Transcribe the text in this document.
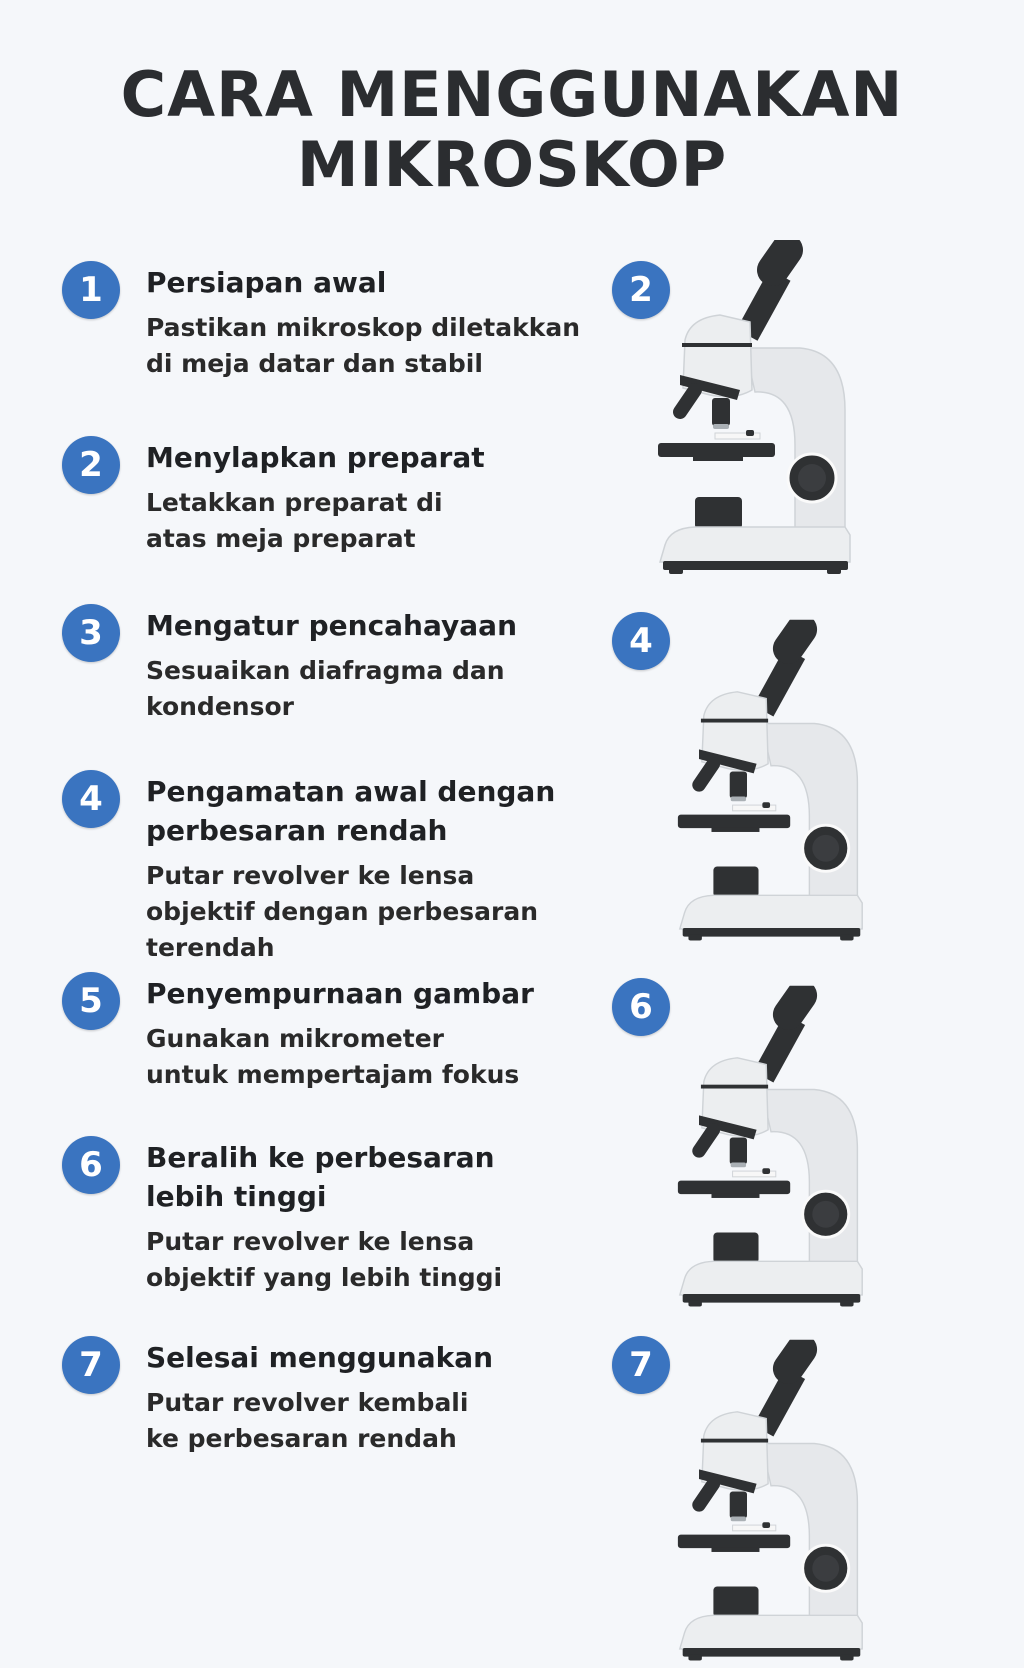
CARA MENGGUNAKAN
MIKROSKOP
1	Persiapan awal
Pastikan mikroskop diletakkan di meja datar dan stabil
2	Menylapkan preparat
Letakkan preparat di atas meja preparat
3	Mengatur pencahayaan
Sesuaikan diafragma dan kondensor
4	Pengamatan awal dengan perbesaran rendah
Putar revolver ke lensa objektif dengan perbesaran terendah
5	Penyempurnaan gambar
Gunakan mikrometer untuk mempertajam fokus
6	Beralih ke perbesaran lebih tinggi
Putar revolver ke lensa objektif yang lebih tinggi
7	Selesai menggunakan
Putar revolver kembali ke perbesaran rendah
2
4
6
7
